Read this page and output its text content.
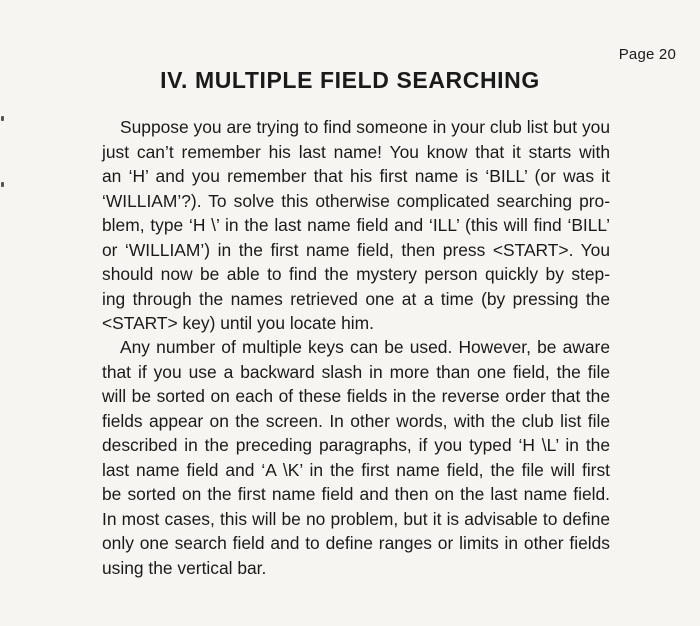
Page 20
IV. MULTIPLE FIELD SEARCHING
Suppose you are trying to find someone in your club list but you
just can’t remember his last name! You know that it starts with
an ‘H’ and you remember that his first name is ‘BILL’ (or was it
‘WILLIAM’?). To solve this otherwise complicated searching pro-
blem, type ‘H \’ in the last name field and ‘ILL’ (this will find ‘BILL’
or ‘WILLIAM’) in the first name field, then press <START>. You
should now be able to find the mystery person quickly by step-
ing through the names retrieved one at a time (by pressing the
<START> key) until you locate him.
Any number of multiple keys can be used. However, be aware
that if you use a backward slash in more than one field, the file
will be sorted on each of these fields in the reverse order that the
fields appear on the screen. In other words, with the club list file
described in the preceding paragraphs, if you typed ‘H \L’ in the
last name field and ‘A \K’ in the first name field, the file will first
be sorted on the first name field and then on the last name field.
In most cases, this will be no problem, but it is advisable to define
only one search field and to define ranges or limits in other fields
using the vertical bar.
